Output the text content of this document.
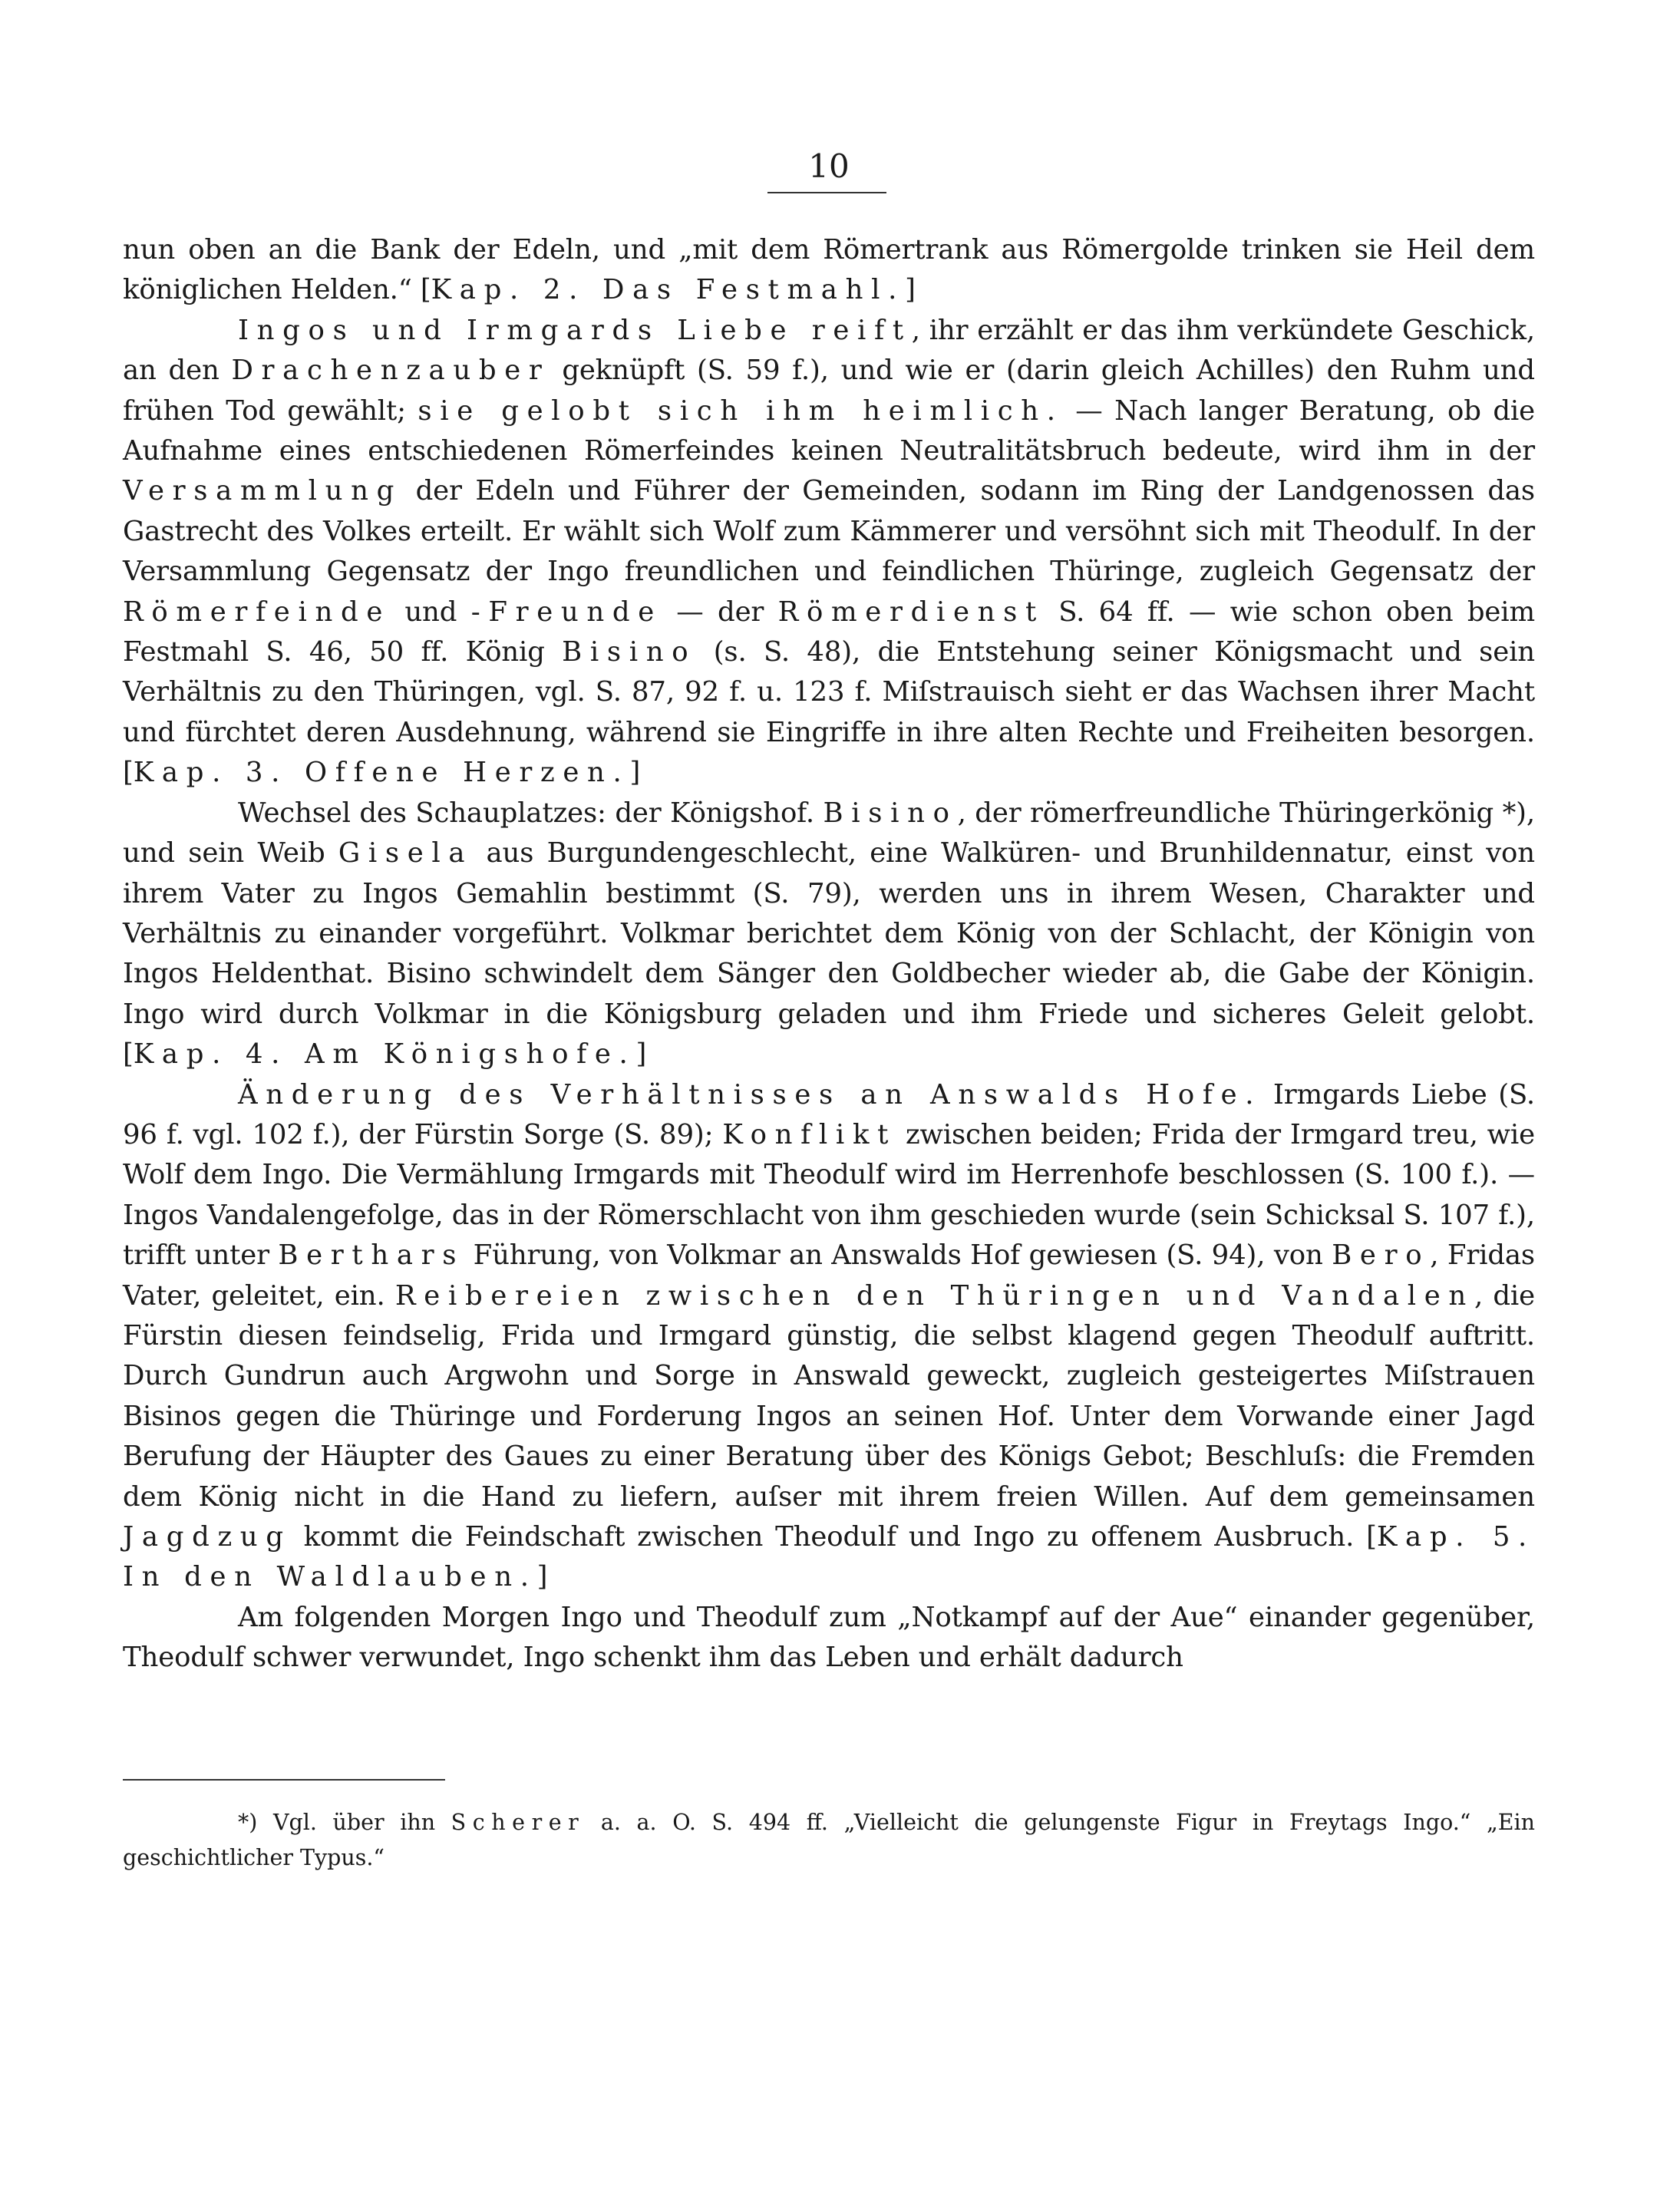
10

nun oben an die Bank der Edeln, und „mit dem Römertrank aus Römergolde trinken sie Heil dem königlichen Helden.“ [Kap. 2. Das Festmahl.]

Ingos und Irmgards Liebe reift, ihr erzählt er das ihm verkündete Geschick, an den Drachenzauber geknüpft (S. 59 f.), und wie er (darin gleich Achilles) den Ruhm und frühen Tod gewählt; sie gelobt sich ihm heimlich. — Nach langer Beratung, ob die Aufnahme eines entschiedenen Römerfeindes keinen Neutralitätsbruch bedeute, wird ihm in der Versammlung der Edeln und Führer der Gemeinden, sodann im Ring der Landgenossen das Gastrecht des Volkes erteilt. Er wählt sich Wolf zum Kämmerer und versöhnt sich mit Theodulf. In der Versammlung Gegensatz der Ingo freundlichen und feindlichen Thüringe, zugleich Gegensatz der Römerfeinde und -Freunde — der Römerdienst S. 64 ff. — wie schon oben beim Festmahl S. 46, 50 ff. König Bisino (s. S. 48), die Entstehung seiner Königsmacht und sein Verhältnis zu den Thüringen, vgl. S. 87, 92 f. u. 123 f. Miſstrauisch sieht er das Wachsen ihrer Macht und fürchtet deren Ausdehnung, während sie Eingriffe in ihre alten Rechte und Freiheiten besorgen. [Kap. 3. Offene Herzen.]

Wechsel des Schauplatzes: der Königshof. Bisino, der römerfreundliche Thüringerkönig *), und sein Weib Gisela aus Burgundengeschlecht, eine Walküren- und Brunhildennatur, einst von ihrem Vater zu Ingos Gemahlin bestimmt (S. 79), werden uns in ihrem Wesen, Charakter und Verhältnis zu einander vorgeführt. Volkmar berichtet dem König von der Schlacht, der Königin von Ingos Heldenthat. Bisino schwindelt dem Sänger den Goldbecher wieder ab, die Gabe der Königin. Ingo wird durch Volkmar in die Königsburg geladen und ihm Friede und sicheres Geleit gelobt. [Kap. 4. Am Königshofe.]

Änderung des Verhältnisses an Answalds Hofe. Irmgards Liebe (S. 96 f. vgl. 102 f.), der Fürstin Sorge (S. 89); Konflikt zwischen beiden; Frida der Irmgard treu, wie Wolf dem Ingo. Die Vermählung Irmgards mit Theodulf wird im Herrenhofe beschlossen (S. 100 f.). — Ingos Vandalengefolge, das in der Römerschlacht von ihm geschieden wurde (sein Schicksal S. 107 f.), trifft unter Berthars Führung, von Volkmar an Answalds Hof gewiesen (S. 94), von Bero, Fridas Vater, geleitet, ein. Reibereien zwischen den Thüringen und Vandalen, die Fürstin diesen feindselig, Frida und Irmgard günstig, die selbst klagend gegen Theodulf auftritt. Durch Gundrun auch Argwohn und Sorge in Answald geweckt, zugleich gesteigertes Miſstrauen Bisinos gegen die Thüringe und Forderung Ingos an seinen Hof. Unter dem Vorwande einer Jagd Berufung der Häupter des Gaues zu einer Beratung über des Königs Gebot; Beschluſs: die Fremden dem König nicht in die Hand zu liefern, auſser mit ihrem freien Willen. Auf dem gemeinsamen Jagdzug kommt die Feindschaft zwischen Theodulf und Ingo zu offenem Ausbruch. [Kap. 5. In den Waldlauben.]

Am folgenden Morgen Ingo und Theodulf zum „Notkampf auf der Aue“ einander gegenüber, Theodulf schwer verwundet, Ingo schenkt ihm das Leben und erhält dadurch

*) Vgl. über ihn Scherer a. a. O. S. 494 ff. „Vielleicht die gelungenste Figur in Freytags Ingo.“ „Ein geschichtlicher Typus.“
